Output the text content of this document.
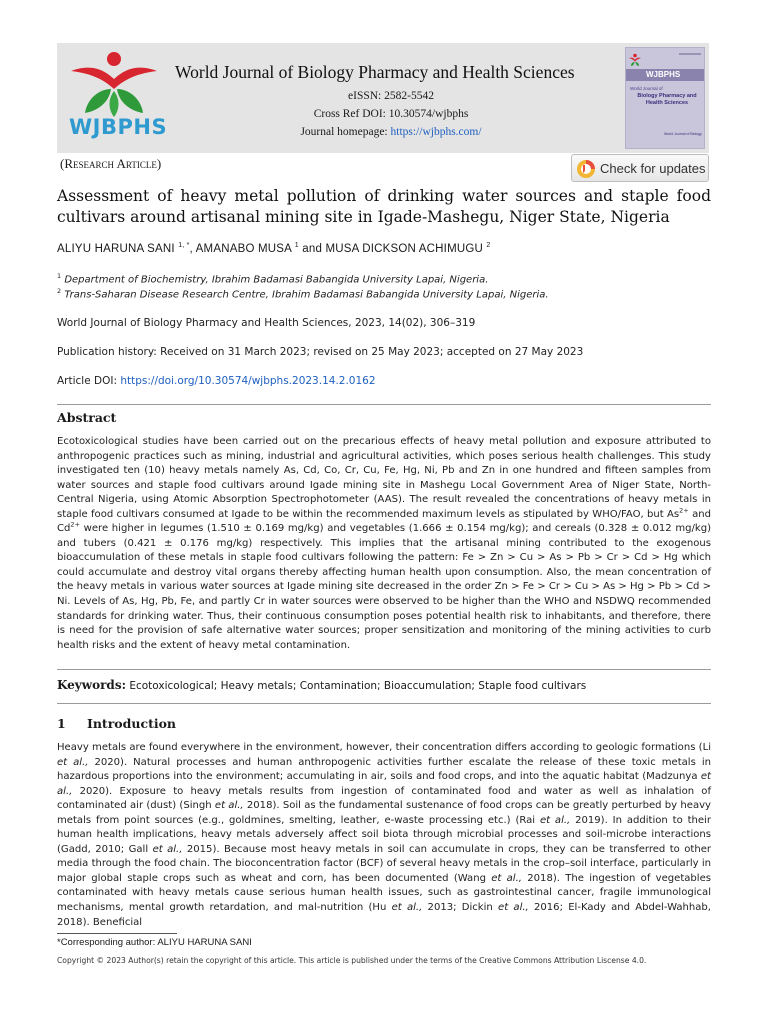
WJBPHS
World Journal of Biology Pharmacy and Health Sciences
eISSN: 2582-5542
Cross Ref DOI: 10.30574/wjbphs
Journal homepage: https://wjbphs.com/
WJBPHS
World Journal of
Biology Pharmacy and Health Sciences
World Journal of Biology
(Research Article)	Check for updates
Assessment of heavy metal pollution of drinking water sources and staple food cultivars around artisanal mining site in Igade-Mashegu, Niger State, Nigeria
ALIYU HARUNA SANI $^{1, *}$, AMANABO MUSA $^1$ and MUSA DICKSON ACHIMUGU $^2$
$^1$ Department of Biochemistry, Ibrahim Badamasi Babangida University Lapai, Nigeria.
$^2$ Trans-Saharan Disease Research Centre, Ibrahim Badamasi Babangida University Lapai, Nigeria.
World Journal of Biology Pharmacy and Health Sciences, 2023, 14(02), 306–319
Publication history: Received on 31 March 2023; revised on 25 May 2023; accepted on 27 May 2023
Article DOI: https://doi.org/10.30574/wjbphs.2023.14.2.0162
Abstract

Ecotoxicological studies have been carried out on the precarious effects of heavy metal pollution and exposure attributed to anthropogenic practices such as mining, industrial and agricultural activities, which poses serious health challenges. This study investigated ten (10) heavy metals namely As, Cd, Co, Cr, Cu, Fe, Hg, Ni, Pb and Zn in one hundred and fifteen samples from water sources and staple food cultivars around Igade mining site in Mashegu Local Government Area of Niger State, North-Central Nigeria, using Atomic Absorption Spectrophotometer (AAS). The result revealed the concentrations of heavy metals in staple food cultivars consumed at Igade to be within the recommended maximum levels as stipulated by WHO/FAO, but $As^{2+}$ and $Cd^{2+}$ were higher in legumes (1.510 ± 0.169 mg/kg) and vegetables (1.666 ± 0.154 mg/kg); and cereals (0.328 ± 0.012 mg/kg) and tubers (0.421 ± 0.176 mg/kg) respectively. This implies that the artisanal mining contributed to the exogenous bioaccumulation of these metals in staple food cultivars following the pattern: Fe > Zn > Cu > As > Pb > Cr > Cd > Hg which could accumulate and destroy vital organs thereby affecting human health upon consumption. Also, the mean concentration of the heavy metals in various water sources at Igade mining site decreased in the order Zn > Fe > Cr > Cu > As > Hg > Pb > Cd > Ni. Levels of As, Hg, Pb, Fe, and partly Cr in water sources were observed to be higher than the WHO and NSDWQ recommended standards for drinking water. Thus, their continuous consumption poses potential health risk to inhabitants, and therefore, there is need for the provision of safe alternative water sources; proper sensitization and monitoring of the mining activities to curb health risks and the extent of heavy metal contamination.

Keywords: Ecotoxicological; Heavy metals; Contamination; Bioaccumulation; Staple food cultivars
1 Introduction

Heavy metals are found everywhere in the environment, however, their concentration differs according to geologic formations (Li et al., 2020). Natural processes and human anthropogenic activities further escalate the release of these toxic metals in hazardous proportions into the environment; accumulating in air, soils and food crops, and into the aquatic habitat (Madzunya et al., 2020). Exposure to heavy metals results from ingestion of contaminated food and water as well as inhalation of contaminated air (dust) (Singh et al., 2018). Soil as the fundamental sustenance of food crops can be greatly perturbed by heavy metals from point sources (e.g., goldmines, smelting, leather, e-waste processing etc.) (Rai et al., 2019). In addition to their human health implications, heavy metals adversely affect soil biota through microbial processes and soil-microbe interactions (Gadd, 2010; Gall et al., 2015). Because most heavy metals in soil can accumulate in crops, they can be transferred to other media through the food chain. The bioconcentration factor (BCF) of several heavy metals in the crop–soil interface, particularly in major global staple crops such as wheat and corn, has been documented (Wang et al., 2018). The ingestion of vegetables contaminated with heavy metals cause serious human health issues, such as gastrointestinal cancer, fragile immunological mechanisms, mental growth retardation, and mal-nutrition (Hu et al., 2013; Dickin et al., 2016; El-Kady and Abdel-Wahhab, 2018). Beneficial

*Corresponding author: ALIYU HARUNA SANI
Copyright © 2023 Author(s) retain the copyright of this article. This article is published under the terms of the Creative Commons Attribution Liscense 4.0.
